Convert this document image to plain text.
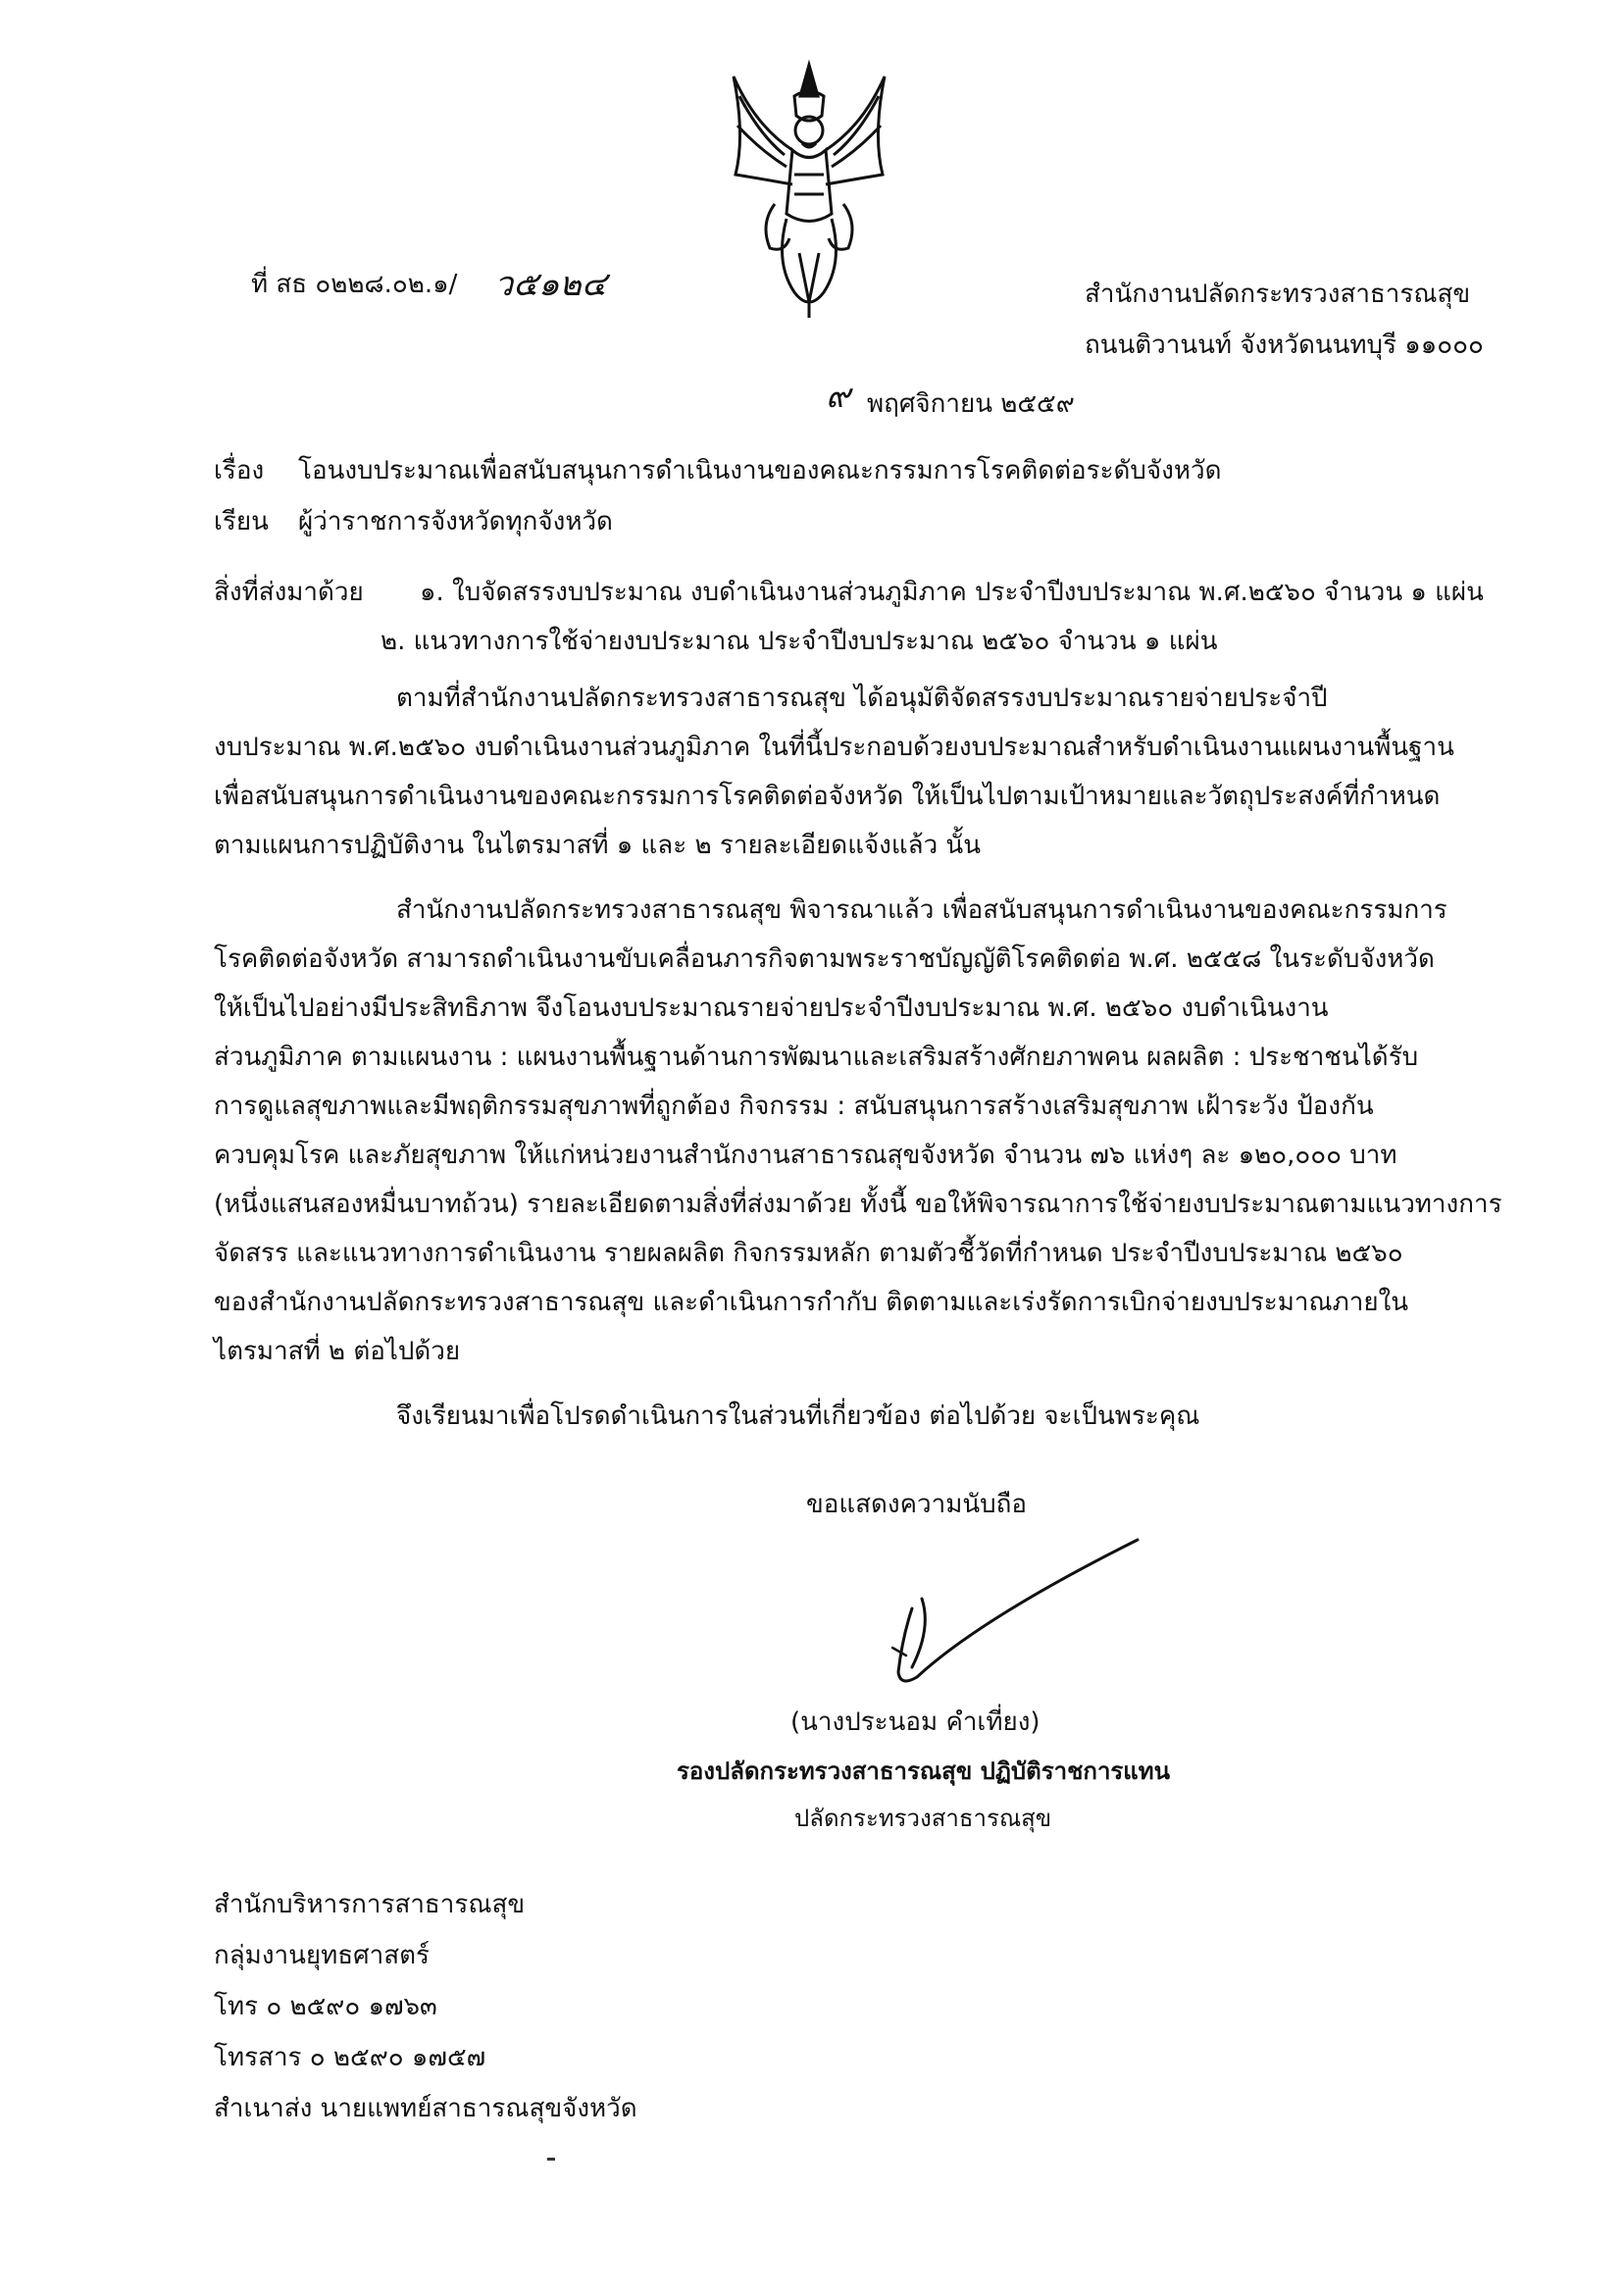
ที่ สธ ๐๒๒๘.๐๒.๑/ ว๕๑๒๔	สำนักงานปลัดกระทรวงสาธารณสุข
ถนนติวานนท์ จังหวัดนนทบุรี ๑๑๐๐๐
๙ พฤศจิกายน ๒๕๕๙
เรื่อง โอนงบประมาณเพื่อสนับสนุนการดำเนินงานของคณะกรรมการโรคติดต่อระดับจังหวัด
เรียน ผู้ว่าราชการจังหวัดทุกจังหวัด
สิ่งที่ส่งมาด้วย ๑. ใบจัดสรรงบประมาณ งบดำเนินงานส่วนภูมิภาค ประจำปีงบประมาณ พ.ศ.๒๕๖๐ จำนวน ๑ แผ่น
๒. แนวทางการใช้จ่ายงบประมาณ ประจำปีงบประมาณ ๒๕๖๐ จำนวน ๑ แผ่น
ตามที่สำนักงานปลัดกระทรวงสาธารณสุข ได้อนุมัติจัดสรรงบประมาณรายจ่ายประจำปี
งบประมาณ พ.ศ.๒๕๖๐ งบดำเนินงานส่วนภูมิภาค ในที่นี้ประกอบด้วยงบประมาณสำหรับดำเนินงานแผนงานพื้นฐาน
เพื่อสนับสนุนการดำเนินงานของคณะกรรมการโรคติดต่อจังหวัด ให้เป็นไปตามเป้าหมายและวัตถุประสงค์ที่กำหนด
ตามแผนการปฏิบัติงาน ในไตรมาสที่ ๑ และ ๒ รายละเอียดแจ้งแล้ว นั้น
สำนักงานปลัดกระทรวงสาธารณสุข พิจารณาแล้ว เพื่อสนับสนุนการดำเนินงานของคณะกรรมการ
โรคติดต่อจังหวัด สามารถดำเนินงานขับเคลื่อนภารกิจตามพระราชบัญญัติโรคติดต่อ พ.ศ. ๒๕๕๘ ในระดับจังหวัด
ให้เป็นไปอย่างมีประสิทธิภาพ จึงโอนงบประมาณรายจ่ายประจำปีงบประมาณ พ.ศ. ๒๕๖๐ งบดำเนินงาน
ส่วนภูมิภาค ตามแผนงาน : แผนงานพื้นฐานด้านการพัฒนาและเสริมสร้างศักยภาพคน ผลผลิต : ประชาชนได้รับ
การดูแลสุขภาพและมีพฤติกรรมสุขภาพที่ถูกต้อง กิจกรรม : สนับสนุนการสร้างเสริมสุขภาพ เฝ้าระวัง ป้องกัน
ควบคุมโรค และภัยสุขภาพ ให้แก่หน่วยงานสำนักงานสาธารณสุขจังหวัด จำนวน ๗๖ แห่งๆ ละ ๑๒๐,๐๐๐ บาท
(หนึ่งแสนสองหมื่นบาทถ้วน) รายละเอียดตามสิ่งที่ส่งมาด้วย ทั้งนี้ ขอให้พิจารณาการใช้จ่ายงบประมาณตามแนวทางการ
จัดสรร และแนวทางการดำเนินงาน รายผลผลิต กิจกรรมหลัก ตามตัวชี้วัดที่กำหนด ประจำปีงบประมาณ ๒๕๖๐
ของสำนักงานปลัดกระทรวงสาธารณสุข และดำเนินการกำกับ ติดตามและเร่งรัดการเบิกจ่ายงบประมาณภายใน
ไตรมาสที่ ๒ ต่อไปด้วย
จึงเรียนมาเพื่อโปรดดำเนินการในส่วนที่เกี่ยวข้อง ต่อไปด้วย จะเป็นพระคุณ
ขอแสดงความนับถือ
(นางประนอม คำเที่ยง)
รองปลัดกระทรวงสาธารณสุข ปฏิบัติราชการแทน
ปลัดกระทรวงสาธารณสุข
สำนักบริหารการสาธารณสุข
กลุ่มงานยุทธศาสตร์
โทร ๐ ๒๕๙๐ ๑๗๖๓
โทรสาร ๐ ๒๕๙๐ ๑๗๕๗
สำเนาส่ง นายแพทย์สาธารณสุขจังหวัด
